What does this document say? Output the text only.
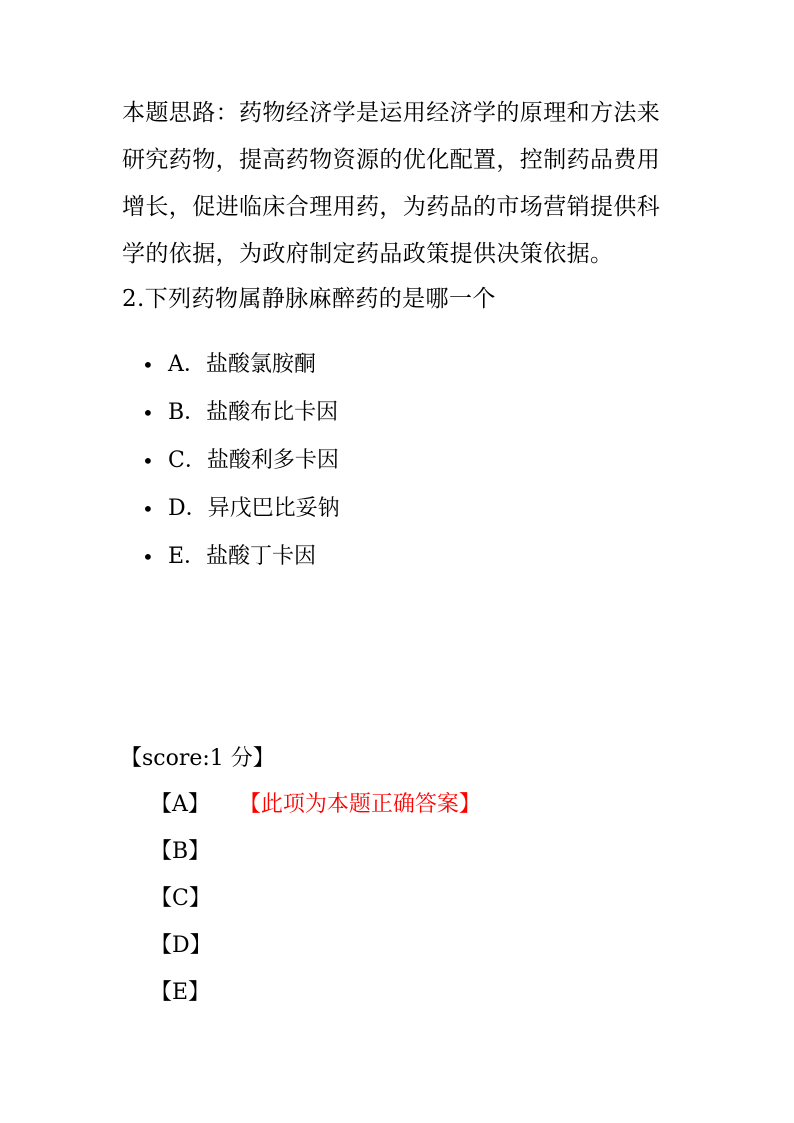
本题思路：药物经济学是运用经济学的原理和方法来研究药物，提高药物资源的优化配置，控制药品费用增长，促进临床合理用药，为药品的市场营销提供科学的依据，为政府制定药品政策提供决策依据。

2.下列药物属静脉麻醉药的是哪一个

• A．盐酸氯胺酮
• B．盐酸布比卡因
• C．盐酸利多卡因
• D．异戊巴比妥钠
• E．盐酸丁卡因

【score:1 分】

【A】 【此项为本题正确答案】
【B】
【C】
【D】
【E】
